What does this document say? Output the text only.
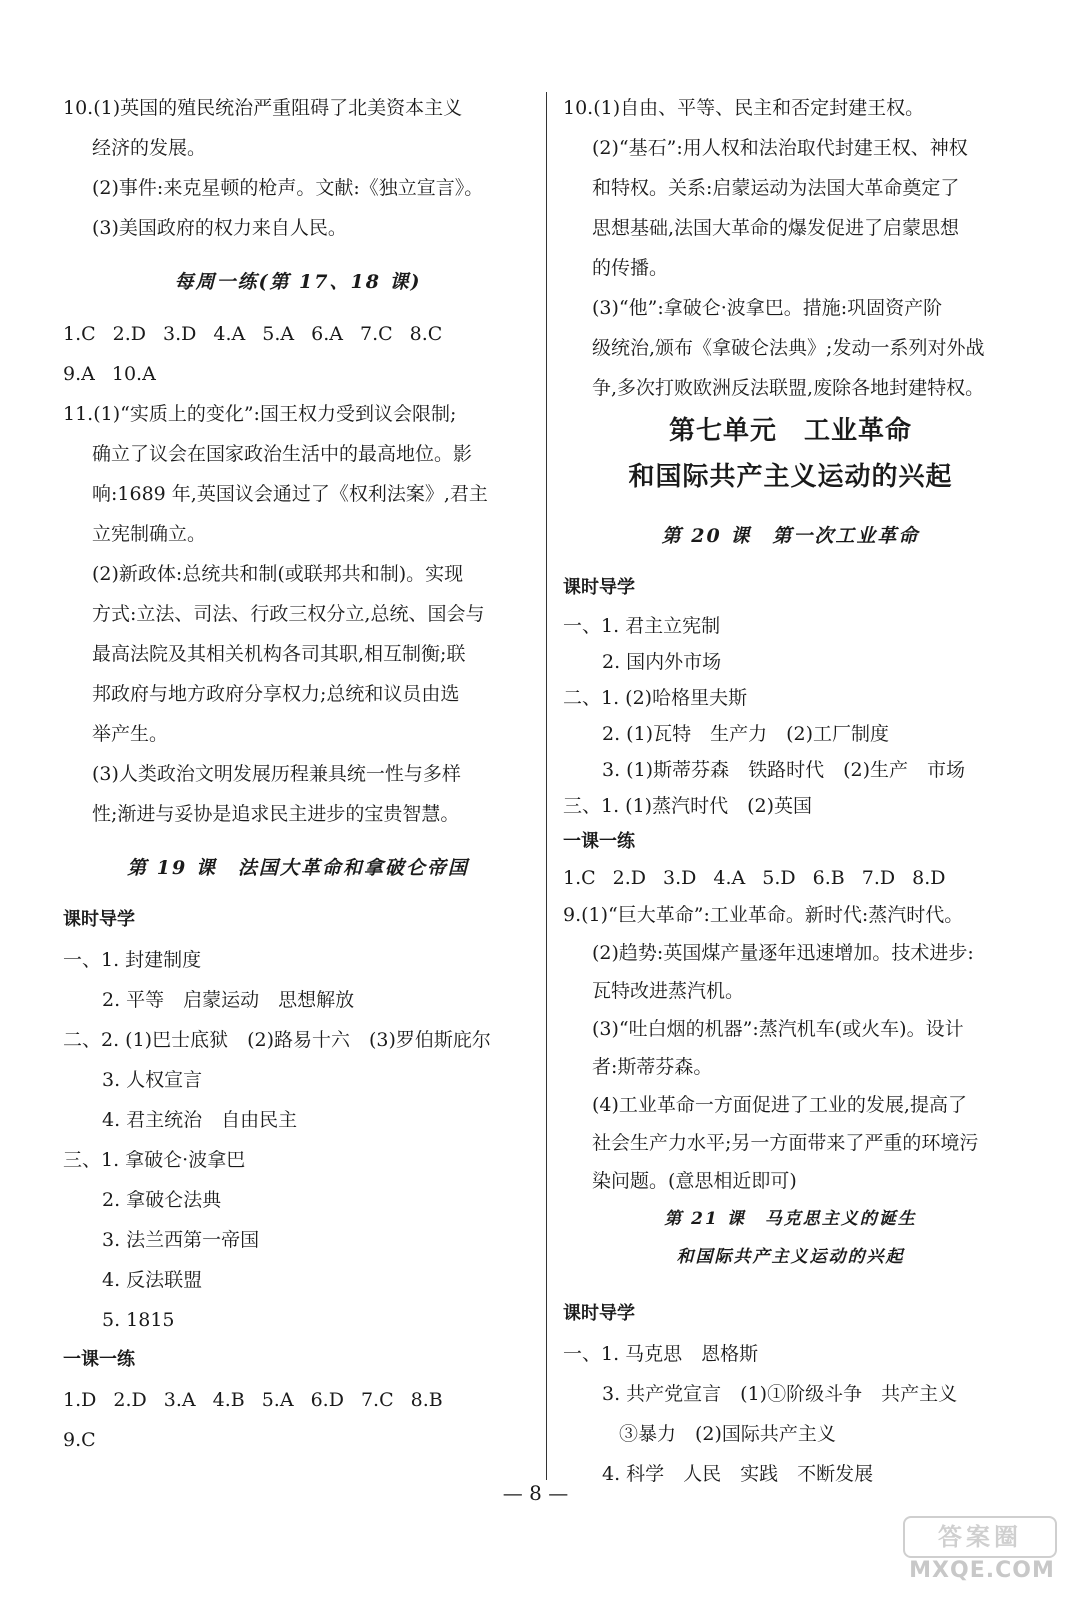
10.(1)英国的殖民统治严重阻碍了北美资本主义
经济的发展。
(2)事件:来克星顿的枪声。文献:《独立宣言》。
(3)美国政府的权力来自人民。
每周一练(第 17、18 课)
1.C 2.D 3.D 4.A 5.A 6.A 7.C 8.C
9.A 10.A
11.(1)“实质上的变化”:国王权力受到议会限制;
确立了议会在国家政治生活中的最高地位。影
响:1689 年,英国议会通过了《权利法案》,君主
立宪制确立。
(2)新政体:总统共和制(或联邦共和制)。实现
方式:立法、司法、行政三权分立,总统、国会与
最高法院及其相关机构各司其职,相互制衡;联
邦政府与地方政府分享权力;总统和议员由选
举产生。
(3)人类政治文明发展历程兼具统一性与多样
性;渐进与妥协是追求民主进步的宝贵智慧。
第 19 课　法国大革命和拿破仑帝国
课时导学
一、1. 封建制度
2. 平等　启蒙运动　思想解放
二、2. (1)巴士底狱　(2)路易十六　(3)罗伯斯庇尔
3. 人权宣言
4. 君主统治　自由民主
三、1. 拿破仑·波拿巴
2. 拿破仑法典
3. 法兰西第一帝国
4. 反法联盟
5. 1815
一课一练
1.D 2.D 3.A 4.B 5.A 6.D 7.C 8.B
9.C
10.(1)自由、平等、民主和否定封建王权。
(2)“基石”:用人权和法治取代封建王权、神权
和特权。关系:启蒙运动为法国大革命奠定了
思想基础,法国大革命的爆发促进了启蒙思想
的传播。
(3)“他”:拿破仑·波拿巴。措施:巩固资产阶
级统治,颁布《拿破仑法典》;发动一系列对外战
争,多次打败欧洲反法联盟,废除各地封建特权。
第七单元　工业革命
和国际共产主义运动的兴起
第 20 课　第一次工业革命
课时导学
一、1. 君主立宪制
2. 国内外市场
二、1. (2)哈格里夫斯
2. (1)瓦特　生产力　(2)工厂制度
3. (1)斯蒂芬森　铁路时代　(2)生产　市场
三、1. (1)蒸汽时代　(2)英国
一课一练
1.C 2.D 3.D 4.A 5.D 6.B 7.D 8.D
9.(1)“巨大革命”:工业革命。新时代:蒸汽时代。
(2)趋势:英国煤产量逐年迅速增加。技术进步:
瓦特改进蒸汽机。
(3)“吐白烟的机器”:蒸汽机车(或火车)。设计
者:斯蒂芬森。
(4)工业革命一方面促进了工业的发展,提高了
社会生产力水平;另一方面带来了严重的环境污
染问题。(意思相近即可)
第 21 课　马克思主义的诞生
和国际共产主义运动的兴起
课时导学
一、1. 马克思　恩格斯
3. 共产党宣言　(1)①阶级斗争　共产主义
③暴力　(2)国际共产主义
4. 科学　人民　实践　不断发展
— 8 —
答案圈
MXQE.COM
